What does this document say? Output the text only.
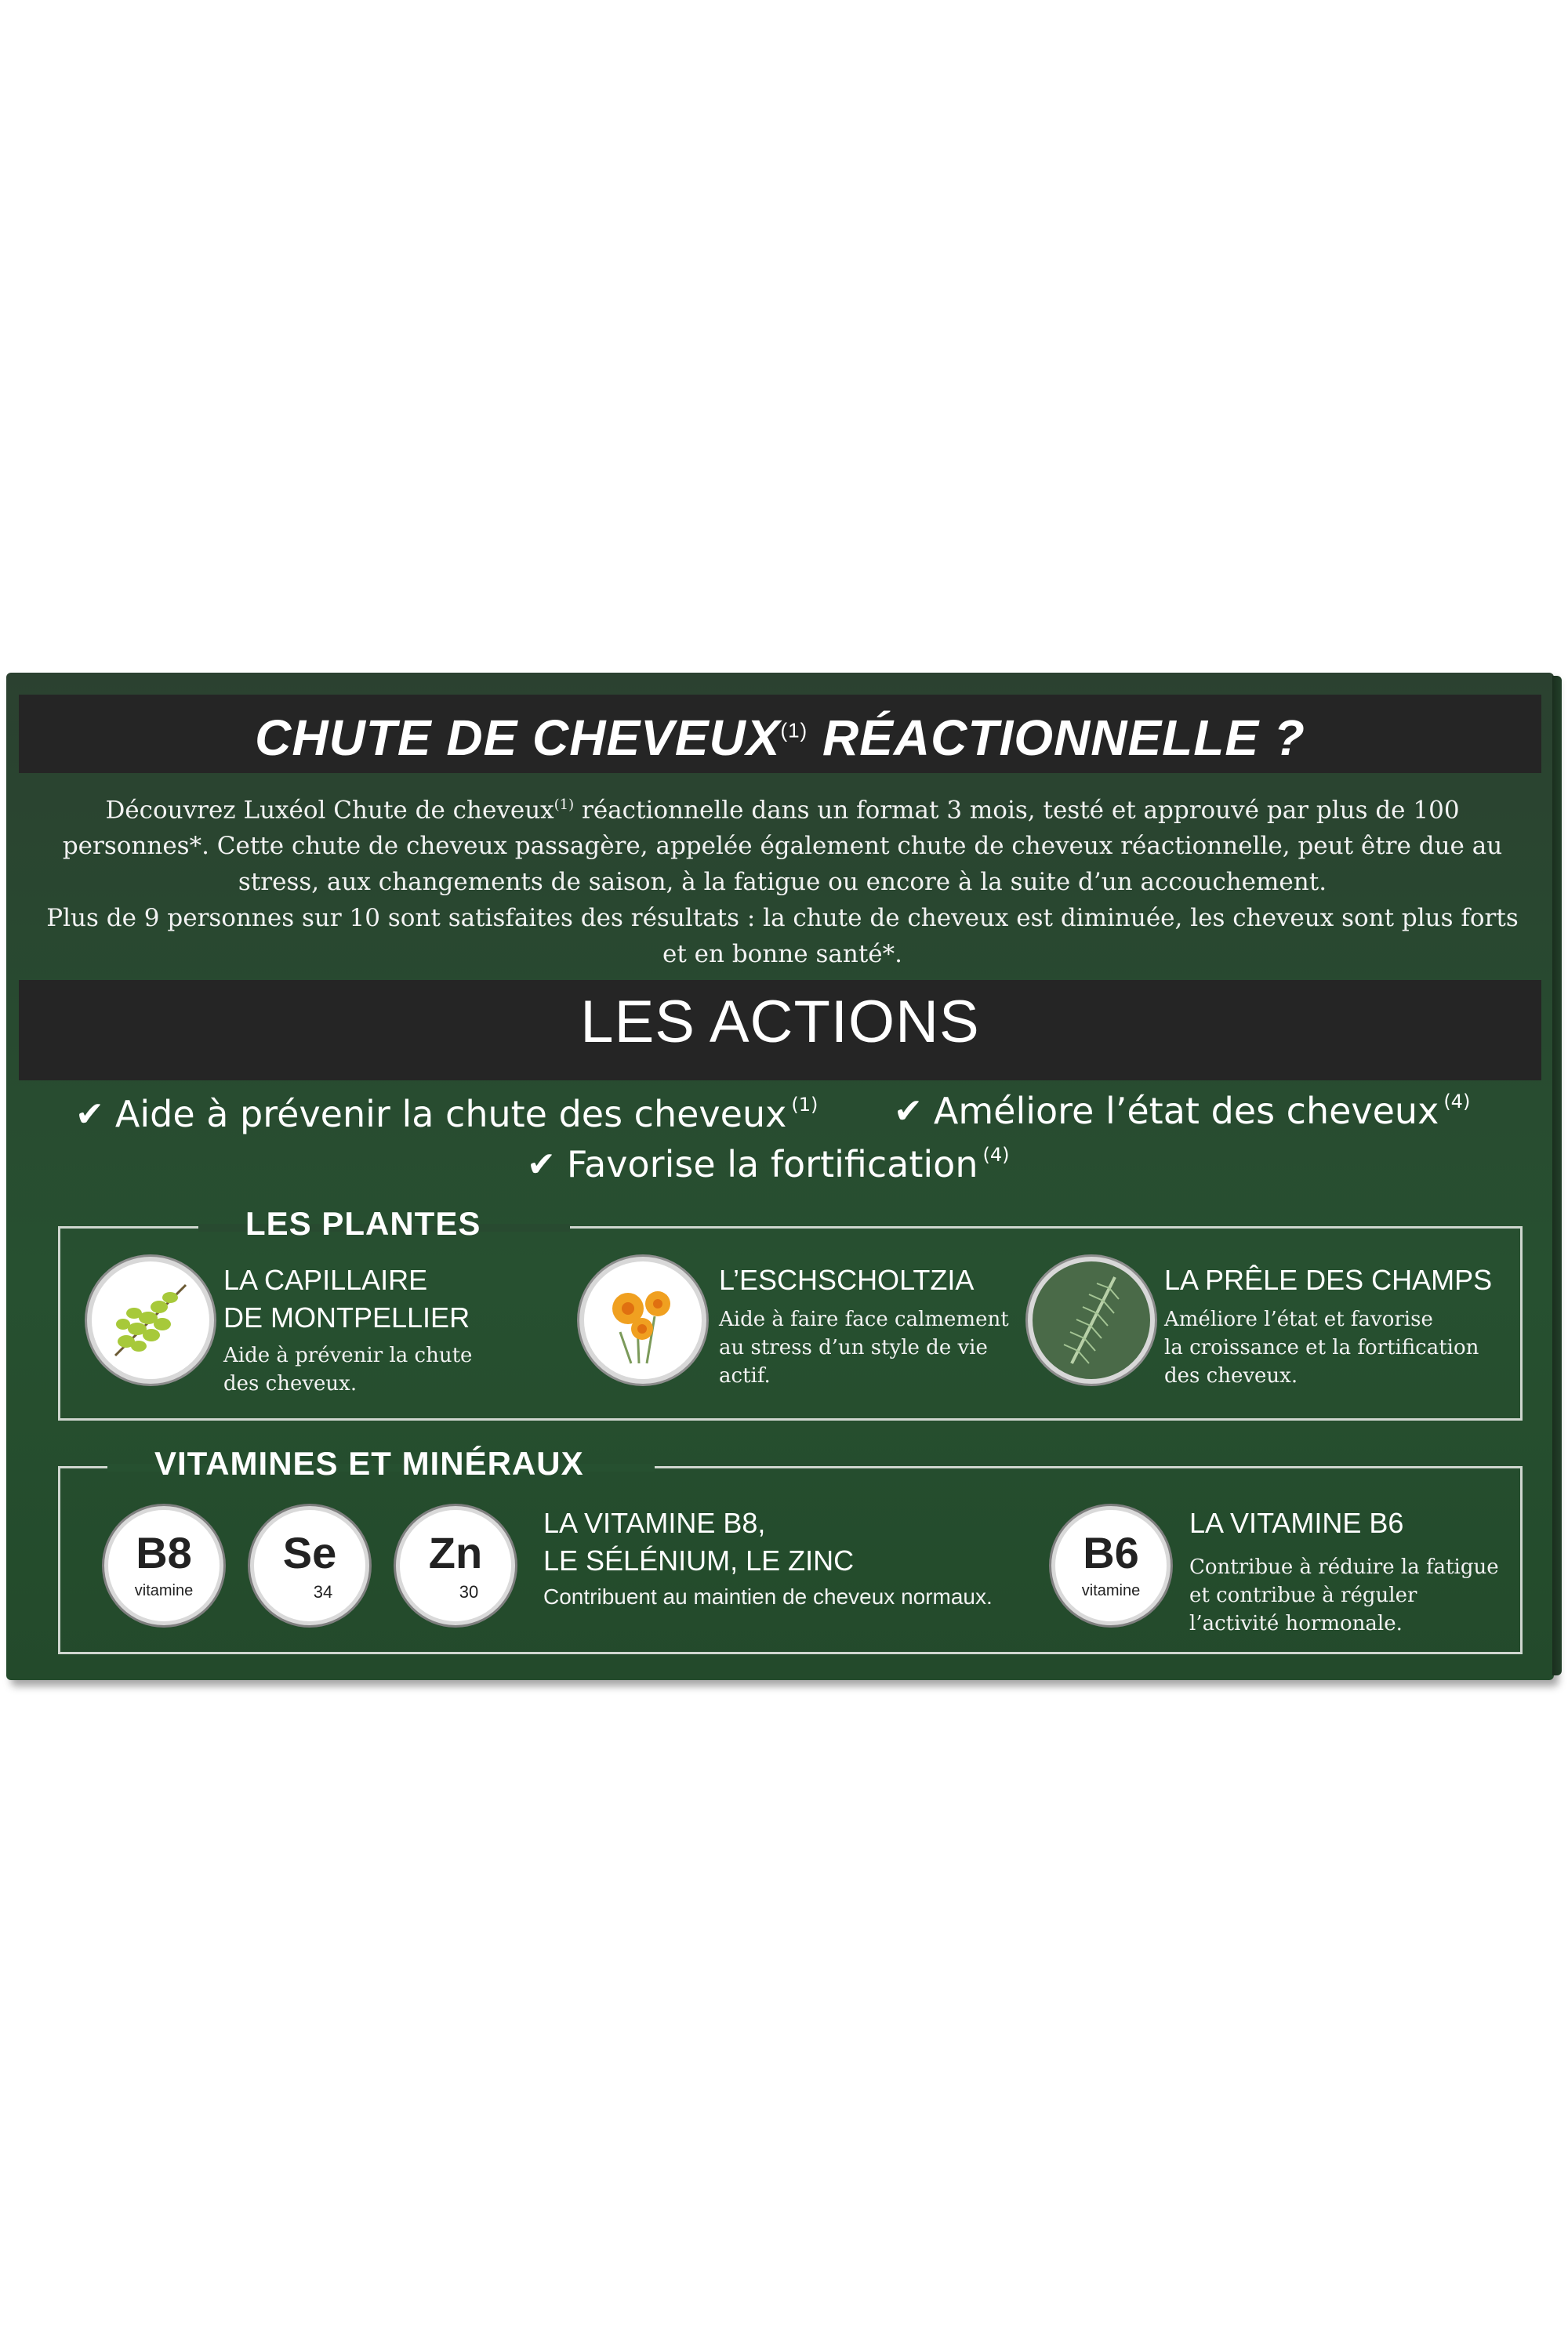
CHUTE DE CHEVEUX$^{(1)}$ RÉACTIONNELLE ?

Découvrez Luxéol Chute de cheveux$^{(1)}$ réactionnelle dans un format 3 mois, testé et approuvé par plus de 100 personnes*. Cette chute de cheveux passagère, appelée également chute de cheveux réactionnelle, peut être due au stress, aux changements de saison, à la fatigue ou encore à la suite d’un accouchement.

Plus de 9 personnes sur 10 sont satisfaites des résultats : la chute de cheveux est diminuée, les cheveux sont plus forts et en bonne santé*.

LES ACTIONS
✔ Aide à prévenir la chute des cheveux (1) ✔ Améliore l’état des cheveux (4)
✔ Favorise la fortification (4)
LES PLANTES
LA CAPILLAIRE
DE MONTPELLIER
Aide à prévenir la chute
des cheveux.
L’ESCHSCHOLTZIA
Aide à faire face calmement
au stress d’un style de vie
actif.
LA PRÊLE DES CHAMPS
Améliore l’état et favorise
la croissance et la fortification
des cheveux.
VITAMINES ET MINÉRAUX
B8
vitamine
Se
34
Zn
30
LA VITAMINE B8,
LE SÉLÉNIUM, LE ZINC
Contribuent au maintien de cheveux normaux.
B6
vitamine
LA VITAMINE B6
Contribue à réduire la fatigue
et contribue à réguler
l’activité hormonale.
